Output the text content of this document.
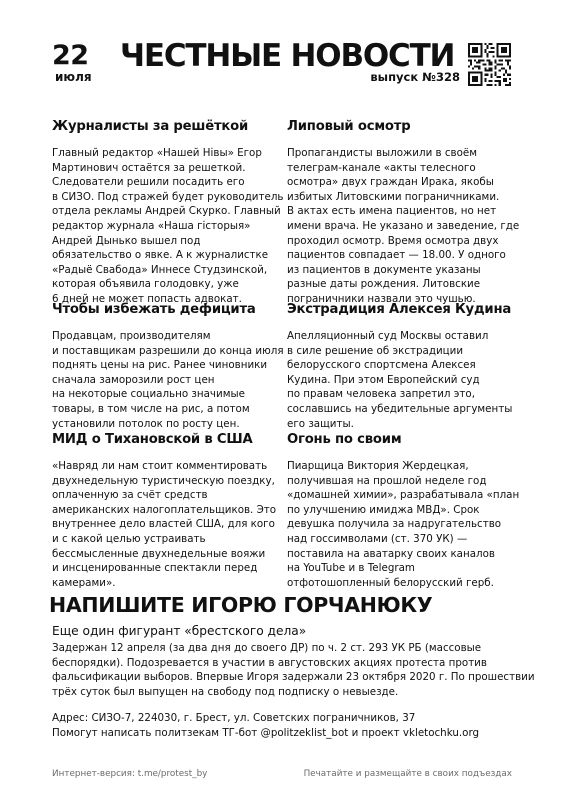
22
июля
ЧЕСТНЫЕ НОВОСТИ
выпуск №328
Журналисты за решёткой
Главный редактор «Нашей Нівы» Егор
Мартинович остаётся за решеткой.
Следователи решили посадить его
в СИЗО. Под стражей будет руководитель
отдела рекламы Андрей Скурко. Главный
редактор журнала «Наша гісторыя»
Андрей Дынько вышел под
обязательство о явке. А к журналистке
«Радыё Свабода» Иннесе Студзинской,
которая объявила голодовку, уже
6 дней не может попасть адвокат.
Липовый осмотр
Пропагандисты выложили в своём
телеграм-канале «акты телесного
осмотра» двух граждан Ирака, якобы
избитых Литовскими пограничниками.
В актах есть имена пациентов, но нет
имени врача. Не указано и заведение, где
проходил осмотр. Время осмотра двух
пациентов совпадает — 18.00. У одного
из пациентов в документе указаны
разные даты рождения. Литовские
пограничники назвали это чушью.
Чтобы избежать дефицита
Продавцам, производителям
и поставщикам разрешили до конца июля
поднять цены на рис. Ранее чиновники
сначала заморозили рост цен
на некоторые социально значимые
товары, в том числе на рис, а потом
установили потолок по росту цен.
Экстрадиция Алексея Кудина
Апелляционный суд Москвы оставил
в силе решение об экстрадиции
белорусского спортсмена Алексея
Кудина. При этом Европейский суд
по правам человека запретил это,
сославшись на убедительные аргументы
его защиты.
МИД о Тихановской в США
«Навряд ли нам стоит комментировать
двухнедельную туристическую поездку,
оплаченную за счёт средств
американских налогоплательщиков. Это
внутреннее дело властей США, для кого
и с какой целью устраивать
бессмысленные двухнедельные вояжи
и инсценированные спектакли перед
камерами».
Огонь по своим
Пиарщица Виктория Жердецкая,
получившая на прошлой неделе год
«домашней химии», разрабатывала «план
по улучшению имиджа МВД». Срок
девушка получила за надругательство
над госсимволами (ст. 370 УК) —
поставила на аватарку своих каналов
на YouTube и в Telegram
отфотошопленный белорусский герб.
НАПИШИТЕ ИГОРЮ ГОРЧАНЮКУ
Еще один фигурант «брестского дела»
Задержан 12 апреля (за два дня до своего ДР) по ч. 2 ст. 293 УК РБ (массовые
беспорядки). Подозревается в участии в августовских акциях протеста против
фальсификации выборов. Впервые Игоря задержали 23 октября 2020 г. По прошествии
трёх суток был выпущен на свободу под подписку о невыезде.
Адрес: СИЗО-7, 224030, г. Брест, ул. Советских пограничников, 37
Помогут написать политзекам ТГ-бот @politzeklist_bot и проект vkletochku.org
Интернет-версия: t.me/protest_by	Печатайте и размещайте в своих подъездах
